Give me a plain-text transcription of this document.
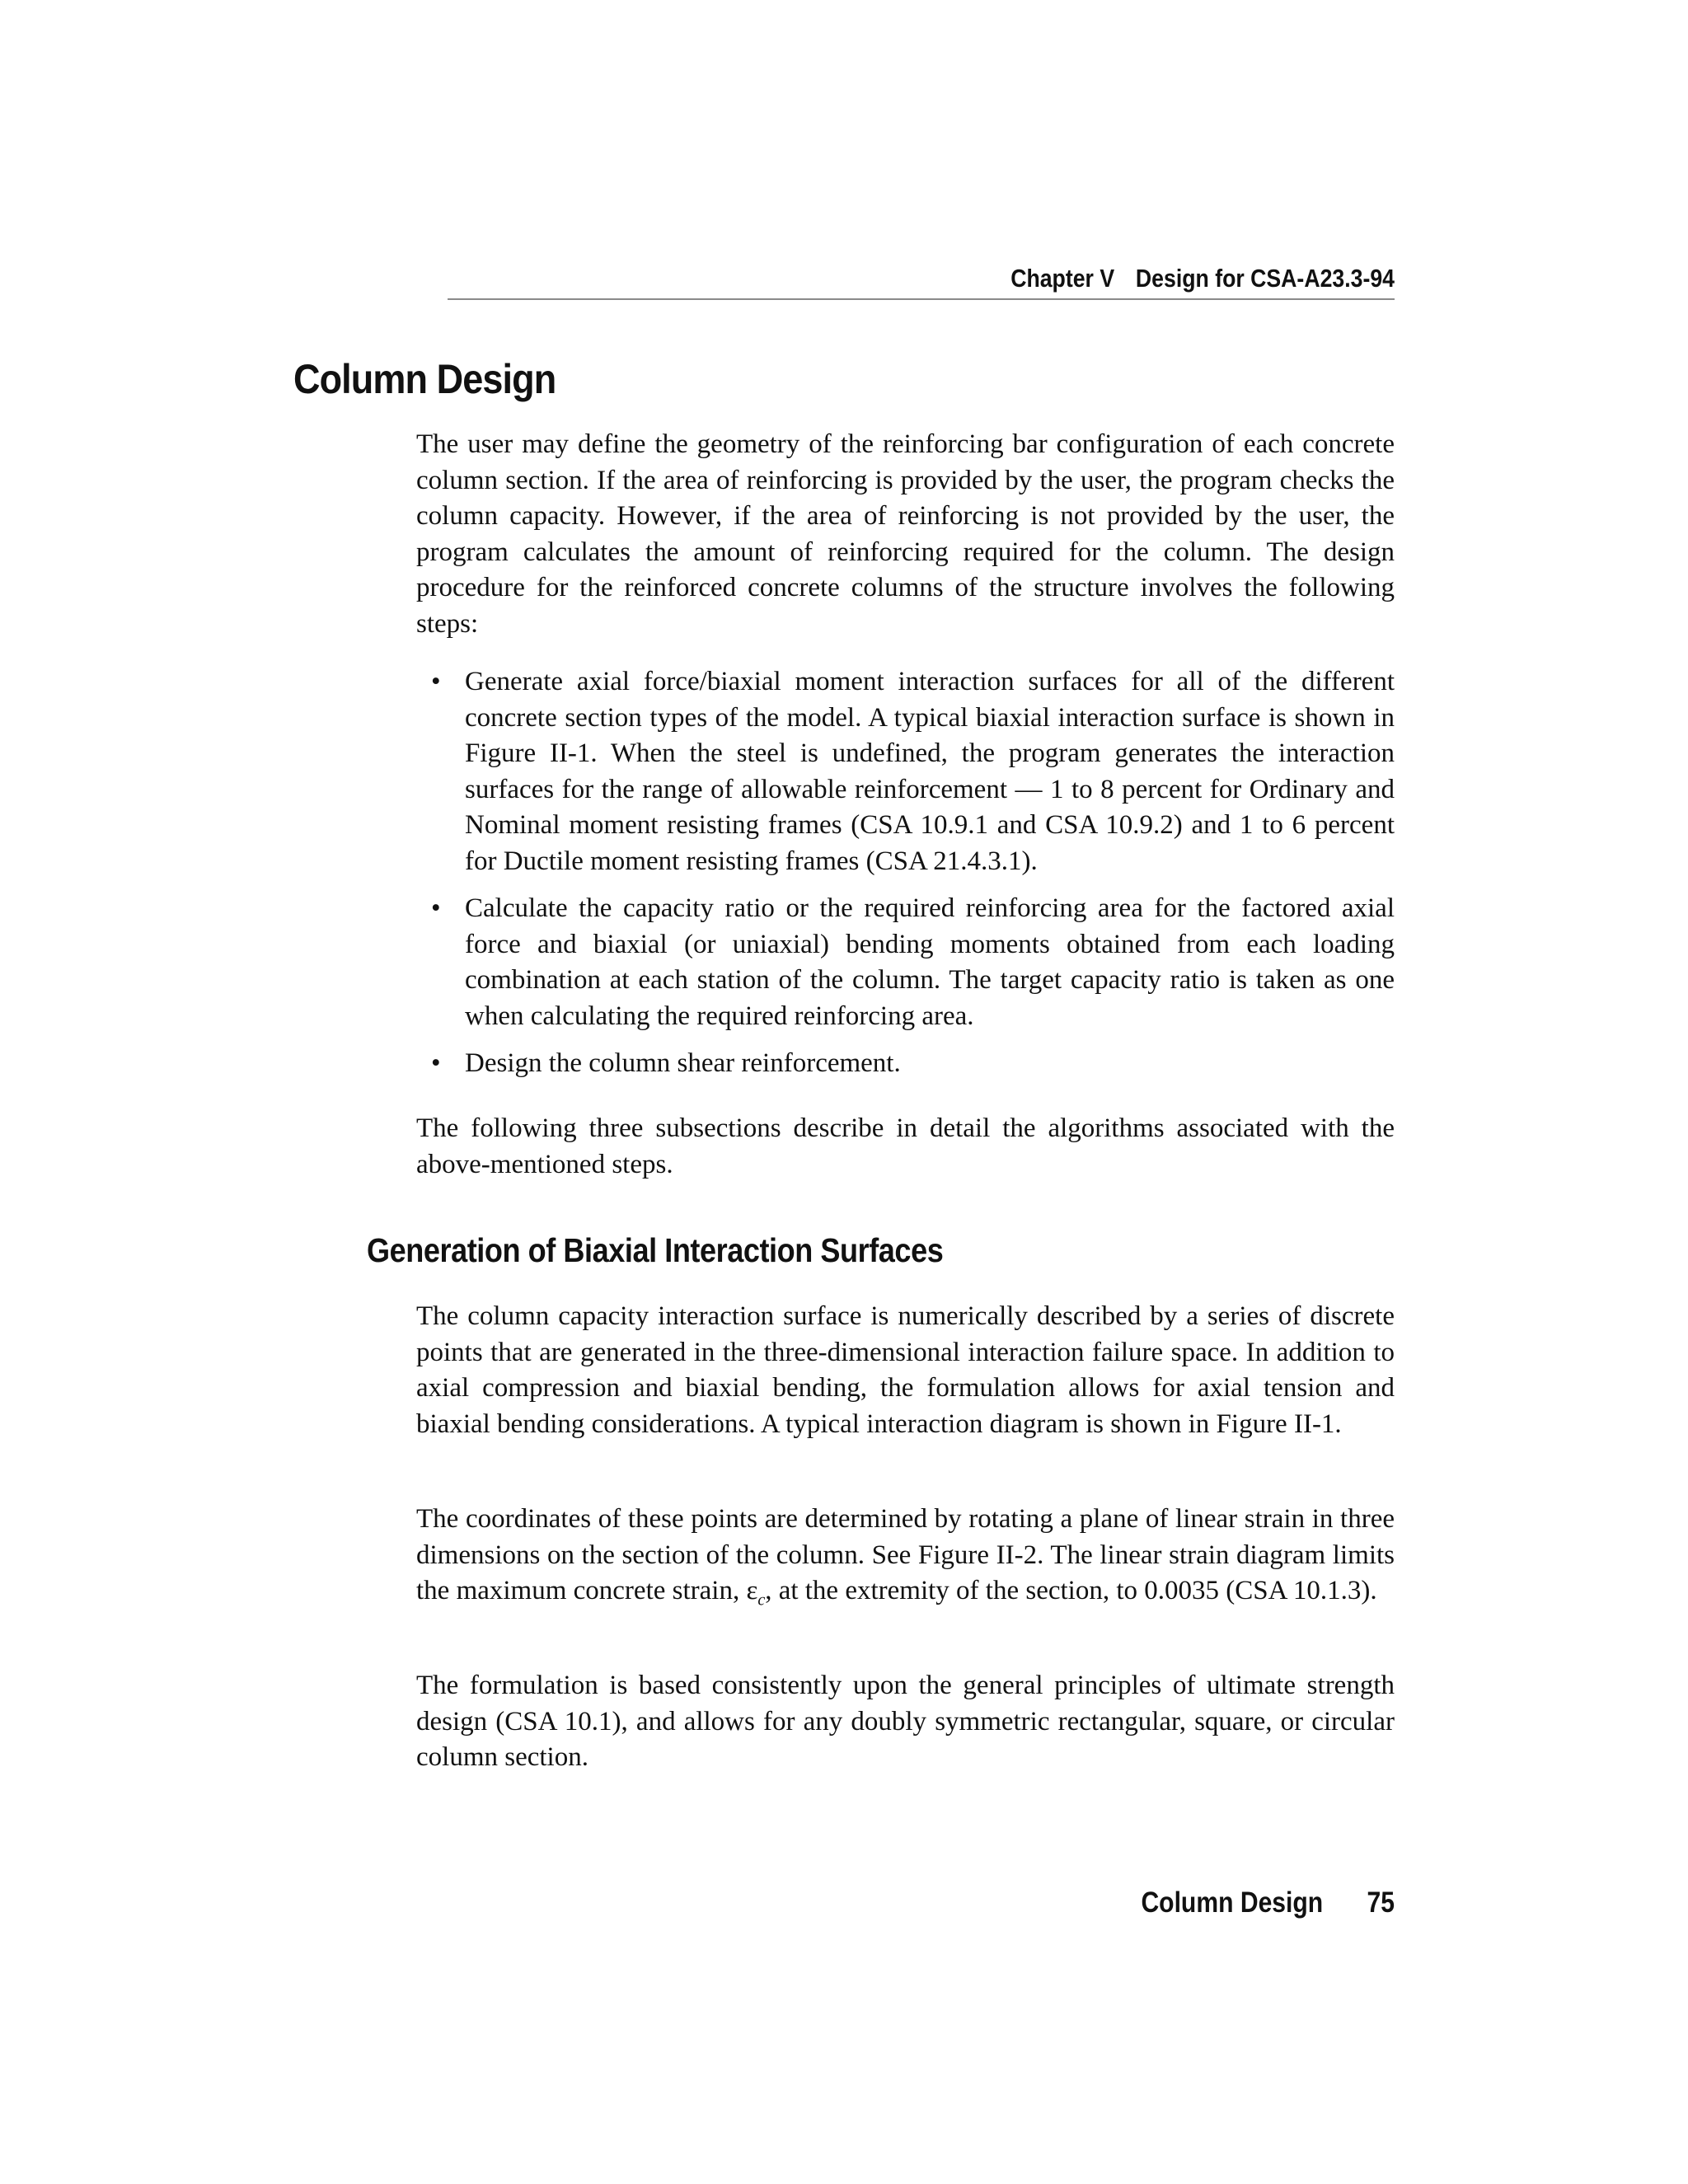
Chapter V Design for CSA-A23.3-94
Column Design

The user may define the geometry of the reinforcing bar configuration of each concrete column section. If the area of reinforcing is provided by the user, the program checks the column capacity. However, if the area of reinforcing is not provided by the user, the program calculates the amount of reinforcing required for the column. The design procedure for the reinforced concrete columns of the structure involves the following steps:

• Generate axial force/biaxial moment interaction surfaces for all of the different concrete section types of the model. A typical biaxial interaction surface is shown in Figure II-1. When the steel is undefined, the program generates the interaction surfaces for the range of allowable reinforcement — 1 to 8 percent for Ordinary and Nominal moment resisting frames (CSA 10.9.1 and CSA 10.9.2) and 1 to 6 percent for Ductile moment resisting frames (CSA 21.4.3.1).
• Calculate the capacity ratio or the required reinforcing area for the factored axial force and biaxial (or uniaxial) bending moments obtained from each loading combination at each station of the column. The target capacity ratio is taken as one when calculating the required reinforcing area.
• Design the column shear reinforcement.

The following three subsections describe in detail the algorithms associated with the above-mentioned steps.

Generation of Biaxial Interaction Surfaces

The column capacity interaction surface is numerically described by a series of discrete points that are generated in the three-dimensional interaction failure space. In addition to axial compression and biaxial bending, the formulation allows for axial tension and biaxial bending considerations. A typical interaction diagram is shown in Figure II-1.

The coordinates of these points are determined by rotating a plane of linear strain in three dimensions on the section of the column. See Figure II-2. The linear strain diagram limits the maximum concrete strain, $\varepsilon_c$, at the extremity of the section, to 0.0035 (CSA 10.1.3).

The formulation is based consistently upon the general principles of ultimate strength design (CSA 10.1), and allows for any doubly symmetric rectangular, square, or circular column section.

Column Design 75
